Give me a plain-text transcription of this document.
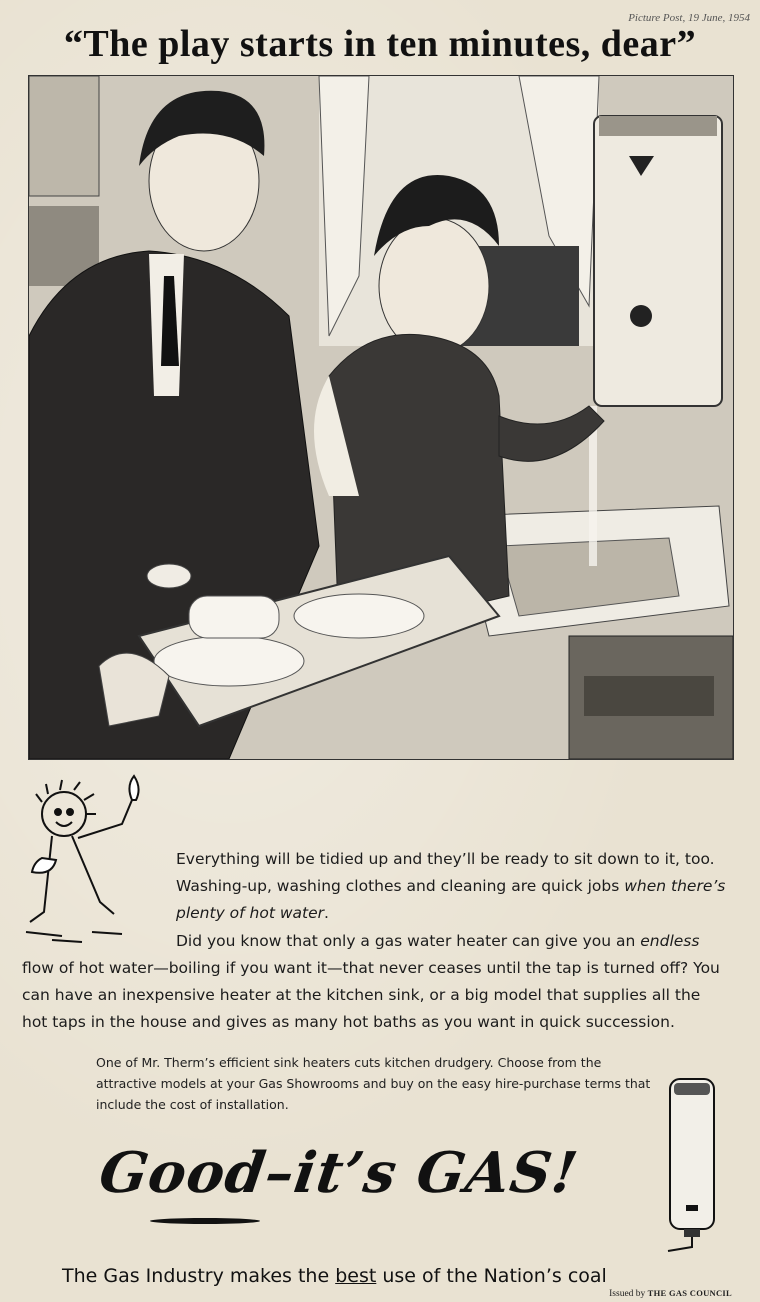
Picture Post, 19 June, 1954
“The play starts in ten minutes, dear”
Everything will be tidied up and they’ll be ready to sit down to it, too. Washing-up, washing clothes and cleaning are quick jobs when there’s plenty of hot water.
Did you know that only a gas water heater can give you an endless flow of hot water—boiling if you want it—that never ceases until the tap is turned off? You can have an inexpensive heater at the kitchen sink, or a big model that supplies all the hot taps in the house and gives as many hot baths as you want in quick succession.
One of Mr. Therm’s efficient sink heaters cuts kitchen drudgery. Choose from the attractive models at your Gas Showrooms and buy on the easy hire-purchase terms that include the cost of installation.
Good–it’s GAS!
The Gas Industry makes the best use of the Nation’s coal
Issued by THE GAS COUNCIL
